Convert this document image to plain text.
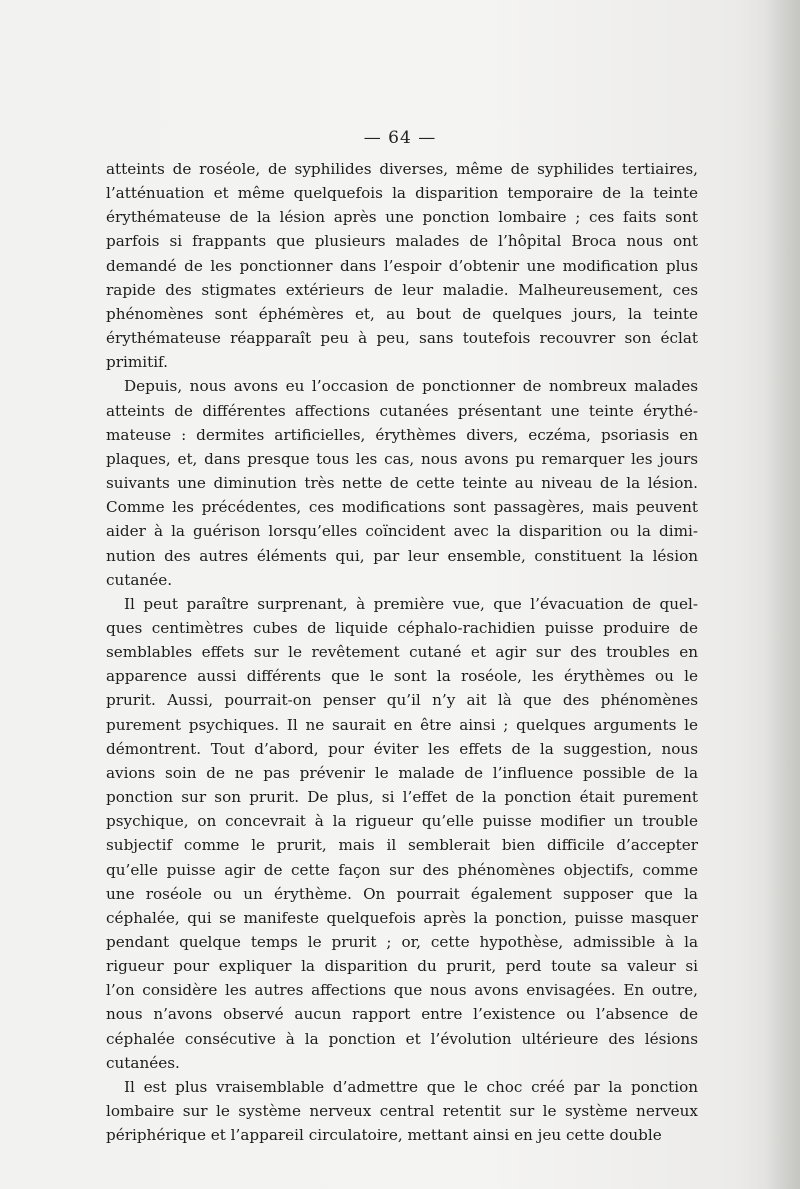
— 64 —

atteints de roséole, de syphilides diverses, même de syphilides tertiaires,
l’atténuation et même quelquefois la disparition temporaire de la teinte
érythémateuse de la lésion après une ponction lombaire ; ces faits sont
parfois si frappants que plusieurs malades de l’hôpital Broca nous ont
demandé de les ponctionner dans l’espoir d’obtenir une modification plus
rapide des stigmates extérieurs de leur maladie. Malheureusement, ces
phénomènes sont éphémères et, au bout de quelques jours, la teinte
érythémateuse réapparaît peu à peu, sans toutefois recouvrer son éclat
primitif.

Depuis, nous avons eu l’occasion de ponctionner de nombreux malades
atteints de différentes affections cutanées présentant une teinte érythé-
mateuse : dermites artificielles, érythèmes divers, eczéma, psoriasis en
plaques, et, dans presque tous les cas, nous avons pu remarquer les jours
suivants une diminution très nette de cette teinte au niveau de la lésion.
Comme les précédentes, ces modifications sont passagères, mais peuvent
aider à la guérison lorsqu’elles coïncident avec la disparition ou la dimi-
nution des autres éléments qui, par leur ensemble, constituent la lésion
cutanée.

Il peut paraître surprenant, à première vue, que l’évacuation de quel-
ques centimètres cubes de liquide céphalo-rachidien puisse produire de
semblables effets sur le revêtement cutané et agir sur des troubles en
apparence aussi différents que le sont la roséole, les érythèmes ou le
prurit. Aussi, pourrait-on penser qu’il n’y ait là que des phénomènes
purement psychiques. Il ne saurait en être ainsi ; quelques arguments le
démontrent. Tout d’abord, pour éviter les effets de la suggestion, nous
avions soin de ne pas prévenir le malade de l’influence possible de la
ponction sur son prurit. De plus, si l’effet de la ponction était purement
psychique, on concevrait à la rigueur qu’elle puisse modifier un trouble
subjectif comme le prurit, mais il semblerait bien difficile d’accepter
qu’elle puisse agir de cette façon sur des phénomènes objectifs, comme
une roséole ou un érythème. On pourrait également supposer que la
céphalée, qui se manifeste quelquefois après la ponction, puisse masquer
pendant quelque temps le prurit ; or, cette hypothèse, admissible à la
rigueur pour expliquer la disparition du prurit, perd toute sa valeur si
l’on considère les autres affections que nous avons envisagées. En outre,
nous n’avons observé aucun rapport entre l’existence ou l’absence de
céphalée consécutive à la ponction et l’évolution ultérieure des lésions
cutanées.

Il est plus vraisemblable d’admettre que le choc créé par la ponction
lombaire sur le système nerveux central retentit sur le système nerveux
périphérique et l’appareil circulatoire, mettant ainsi en jeu cette double
